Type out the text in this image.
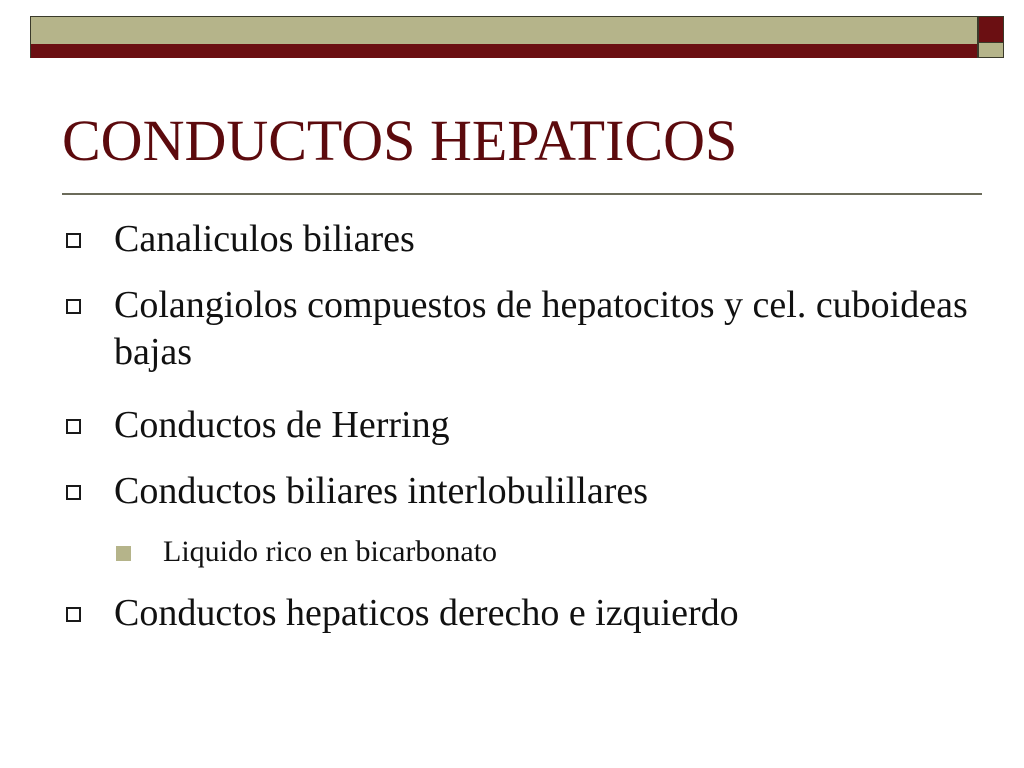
CONDUCTOS HEPATICOS
Canaliculos biliares
Colangiolos compuestos de hepatocitos y cel. cuboideas bajas
Conductos de Herring
Conductos biliares interlobulillares
Liquido rico en bicarbonato
Conductos hepaticos derecho e izquierdo
